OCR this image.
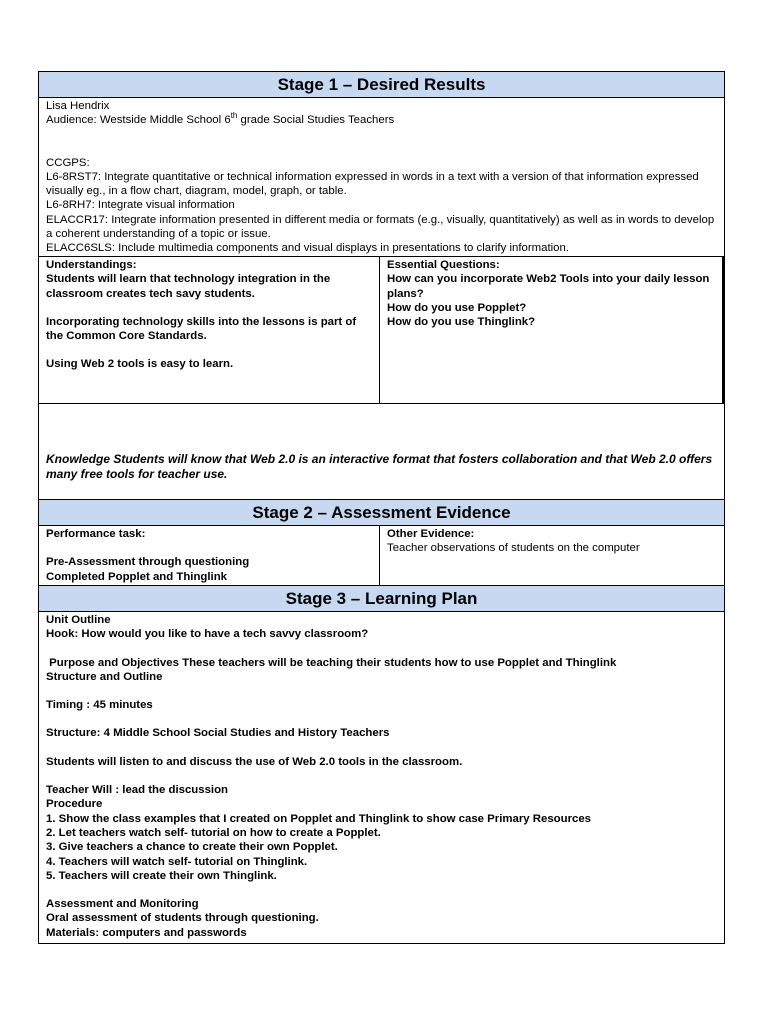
Stage 1 – Desired Results

Lisa Hendrix

Audience: Westside Middle School 6th grade Social Studies Teachers

CCGPS:

L6-8RST7: Integrate quantitative or technical information expressed in words in a text with a version of that information expressed visually eg., in a flow chart, diagram, model, graph, or table.

L6-8RH7: Integrate visual information

ELACCR17: Integrate information presented in different media or formats (e.g., visually, quantitatively) as well as in words to develop a coherent understanding of a topic or issue.

ELACC6SLS: Include multimedia components and visual displays in presentations to clarify information.

Understandings:

Students will learn that technology integration in the classroom creates tech savy students.

Incorporating technology skills into the lessons is part of the Common Core Standards.

Using Web 2 tools is easy to learn.

Essential Questions:

How can you incorporate Web2 Tools into your daily lesson plans?

How do you use Popplet?

How do you use Thinglink?

Knowledge Students will know that Web 2.0 is an interactive format that fosters collaboration and that Web 2.0 offers many free tools for teacher use.

Stage 2 – Assessment Evidence

Performance task:

Pre-Assessment through questioning

Completed Popplet and Thinglink

Other Evidence:

Teacher observations of students on the computer

Stage 3 – Learning Plan

Unit Outline

Hook: How would you like to have a tech savvy classroom?

Purpose and Objectives These teachers will be teaching their students how to use Popplet and Thinglink

Structure and Outline

Timing : 45 minutes

Structure: 4 Middle School Social Studies and History Teachers

Students will listen to and discuss the use of Web 2.0 tools in the classroom.

Teacher Will : lead the discussion

Procedure

1. Show the class examples that I created on Popplet and Thinglink to show case Primary Resources

2. Let teachers watch self- tutorial on how to create a Popplet.

3. Give teachers a chance to create their own Popplet.

4. Teachers will watch self- tutorial on Thinglink.

5. Teachers will create their own Thinglink.

Assessment and Monitoring

Oral assessment of students through questioning.

Materials: computers and passwords
